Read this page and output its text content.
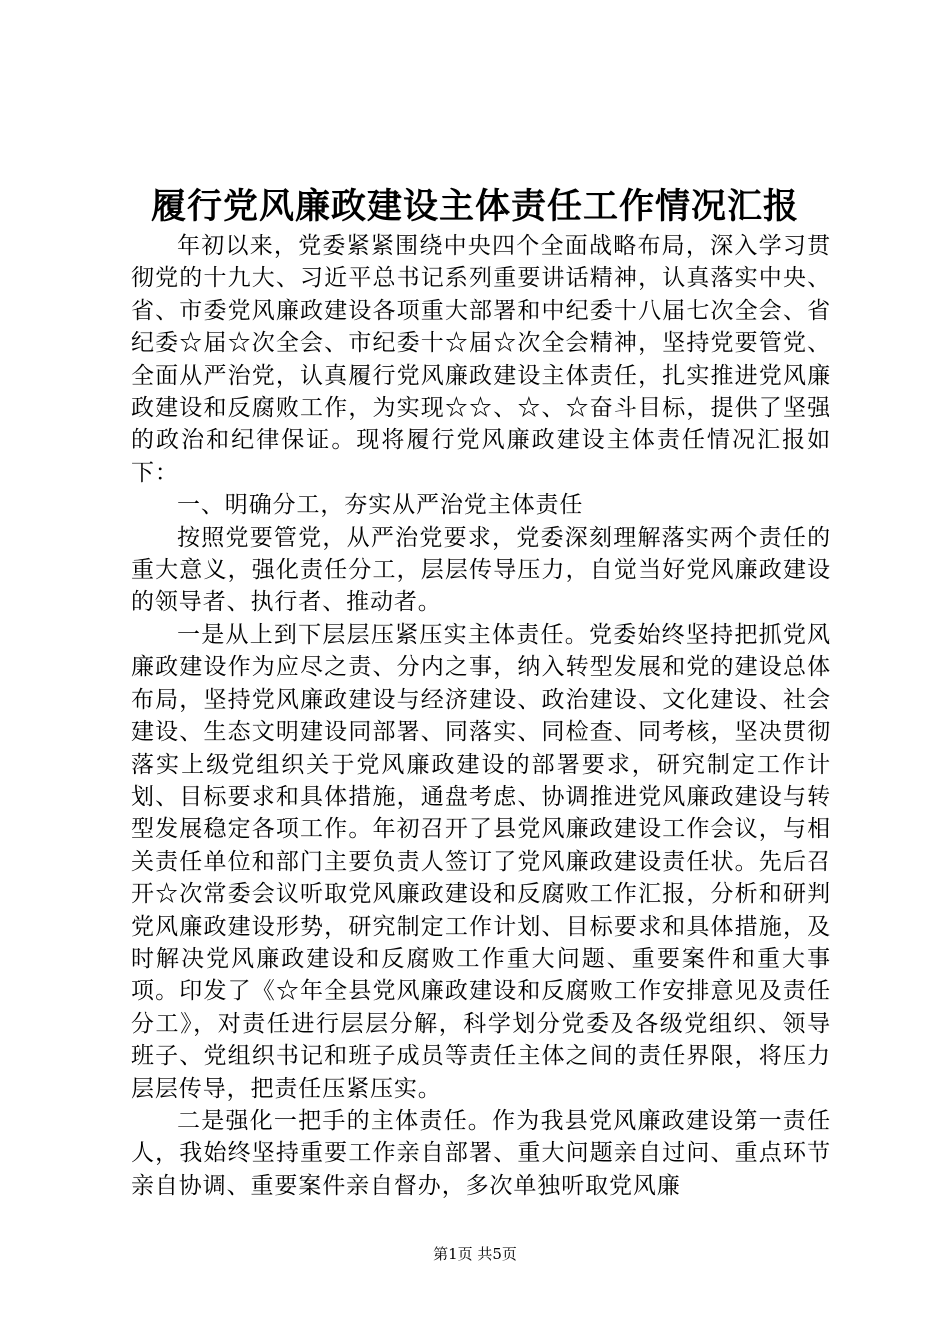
履行党风廉政建设主体责任工作情况汇报

年初以来，党委紧紧围绕中央四个全面战略布局，深入学习贯彻党的十九大、习近平总书记系列重要讲话精神，认真落实中央、省、市委党风廉政建设各项重大部署和中纪委十八届七次全会、省纪委☆届☆次全会、市纪委十☆届☆次全会精神，坚持党要管党、全面从严治党，认真履行党风廉政建设主体责任，扎实推进党风廉政建设和反腐败工作，为实现☆☆、☆、☆奋斗目标，提供了坚强的政治和纪律保证。现将履行党风廉政建设主体责任情况汇报如下：

一、明确分工，夯实从严治党主体责任

按照党要管党，从严治党要求，党委深刻理解落实两个责任的重大意义，强化责任分工，层层传导压力，自觉当好党风廉政建设的领导者、执行者、推动者。

一是从上到下层层压紧压实主体责任。党委始终坚持把抓党风廉政建设作为应尽之责、分内之事，纳入转型发展和党的建设总体布局，坚持党风廉政建设与经济建设、政治建设、文化建设、社会建设、生态文明建设同部署、同落实、同检查、同考核，坚决贯彻落实上级党组织关于党风廉政建设的部署要求，研究制定工作计划、目标要求和具体措施，通盘考虑、协调推进党风廉政建设与转型发展稳定各项工作。年初召开了县党风廉政建设工作会议，与相关责任单位和部门主要负责人签订了党风廉政建设责任状。先后召开☆次常委会议听取党风廉政建设和反腐败工作汇报，分析和研判党风廉政建设形势，研究制定工作计划、目标要求和具体措施，及时解决党风廉政建设和反腐败工作重大问题、重要案件和重大事项。印发了《☆年全县党风廉政建设和反腐败工作安排意见及责任分工》，对责任进行层层分解，科学划分党委及各级党组织、领导班子、党组织书记和班子成员等责任主体之间的责任界限，将压力层层传导，把责任压紧压实。

二是强化一把手的主体责任。作为我县党风廉政建设第一责任人，我始终坚持重要工作亲自部署、重大问题亲自过问、重点环节亲自协调、重要案件亲自督办，多次单独听取党风廉

第1页 共5页
